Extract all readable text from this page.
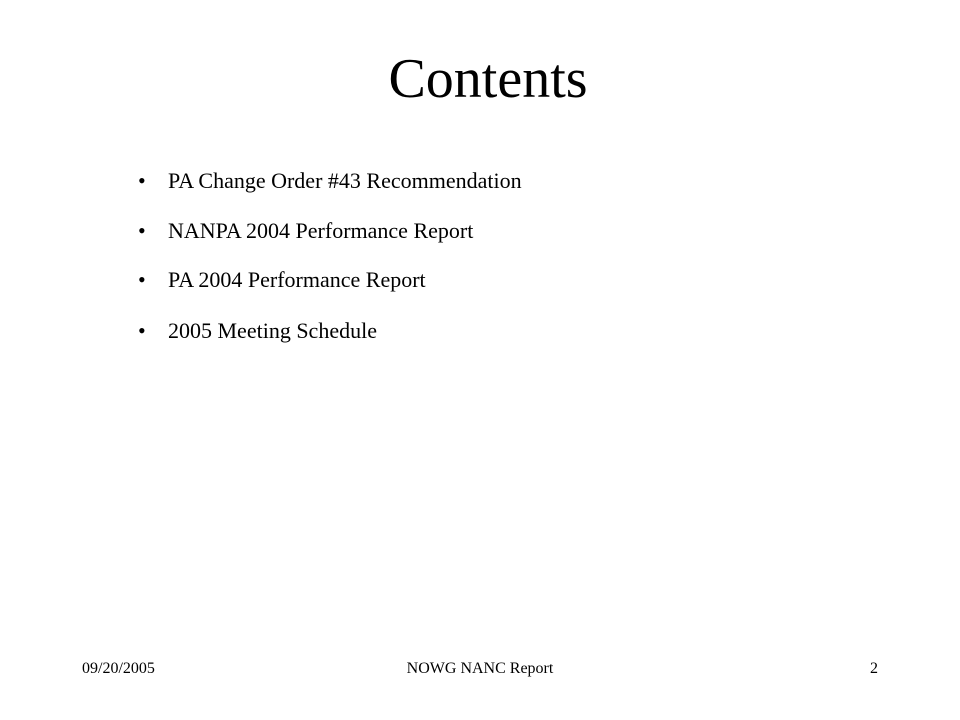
Contents
• PA Change Order #43 Recommendation
• NANPA 2004 Performance Report
• PA 2004 Performance Report
• 2005 Meeting Schedule
09/20/2005	NOWG NANC Report	2
